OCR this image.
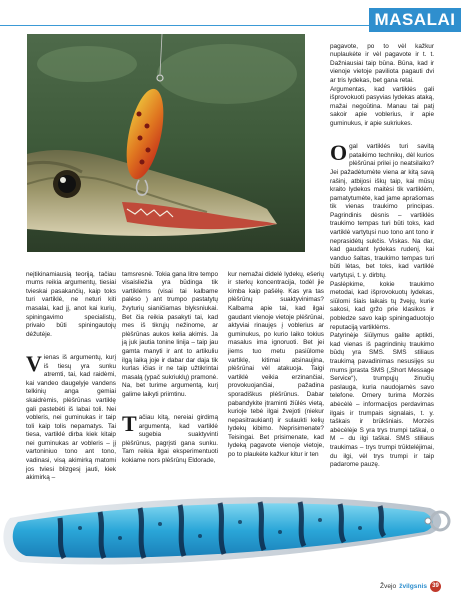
MASALAI

neįtikinamiausią teoriją, tačiau mums reikia argumentų, tiesiai tvieskai pasakančių, kaip toks turi vartiklė, ne neturi kiti masalai, kad jį, anot kai kurių, spiningavimo specialistų, privalo būti spiningautojų dėžutėje.

Vienas iš argumentų, kurį iš tiesų yra sunku atremti, tai, kad raidėmi, kai vandeo daugelyje vandens telkinių anga gemiai skaidrėmis, plėšrūnas vartiklę gali pastebėti iš labai toli. Nei vobleris, nei guminukas ir taip toli kaip tolis nepamatys. Tai tiesa, vartiklė dirba kiek kitaip nei guminukas ar vobleris – jį vartoniniuo tono ant tono, vadinasi, visą akimirką matomi jos tviesi blizgesį jauti, kiek akimirką –

tamsresnė. Tokia gana litre tempo visaisliežia yra būdinga tik vartiklėms (visai tai kalbame palėso ) ant trumpo pastatytų žvyturių sianičiamas blyksniukai. Bet čia reikia pasakyti tai, kad mes iš tikrųjų nežinome, ar plėšrūnas aukos kelia akimis. Ja ją juk jautia tonine linija – taip jau gamta manyti ir ant to artikuliu ilgą laiką joje ir dabar dar daja tik kurlas ičias ir ne taip užtikrintai masalą (ypač sukriuklų) pramonė. Na, bet turime argumentą, kurį galime laikyti priimtinu.

Tačiau kitą, nereiai girdimą argumentą, kad vartiklė sugebia suaktyvinti plėšrūnus, pagrįsti gana sunku. Tam reikia ilgai eksperimentuoti kokiame nors plėšrūnų Eldorade,

kur nemažai didelė lydekų, ešerių ir sterkų koncentracija, todėl jie kimba kaip pašėlę. Kas yra tas plėšrūnų suaktyvinimas? Kalbama apie tai, kad ilgai gaudant vienoje vietoje plėšrūnai, aktyviai rinaujęs į voblerius ar guminukus, po kurio laiko tokius masalus ima ignoruoti. Bet jei jiems tuo metu pasiūlome vartiklę, kitimai atsinaujina, plėšrūnai vėl atakuoja. Taigi vartiklė veikia erzinančiai, provokuojančiai, pažadina sporadiškus plėšrūnus. Dabar pabandykite įtraminti žiūlės vietą, kurioje tebė ilgai žvejoti (niekur nepasitraukiant) ir sulaukti kelių lydekų kibimo. Neprisimenate? Teisingai. Bet prisimenate, kad lydeką pagavote vienoje vietoje, po to plaukėte kažkur kitur ir ten

pagavote, po to vėl kažkur nuplaukėte ir vėl pagavote ir t. t. Dažniausiai taip būna. Būna, kad ir vienoje vietoje paviliota pagauti dvi ar tris lydekas, bet gana retai.
Argumentas, kad vartiklės gali išprovokuoti pasyvias lydekas ataką, mažai negoūtina. Manau tai patį sakoir apie voblerius, ir apie guminukus, ir apie sukriukes.

Ogal vartiklės turi savitą pataikimo technikų, dėl kurios plėšrūnai prilei jo neatsilaiko? Jei pažadėtumėte viena ar kitą savą rašinį, atbijosi iškų taip, kai mūsų kraito lydekos maitėsi tik vartiklėm, pamatytumėte, kad jame aprašomas tik vienas traukimo principas. Pagrindinis dėsnis – vartiklės traukimo tempas turi būti toks, kad vartiklė vartytųsi nuo tono ant tono ir neprasidėtų sukčis. Viskas. Na dar, kad gaudant lydekas rudenį, kai vanduo šaltas, traukimo tempas turi būti lėtas, bet toks, kad vartiklė vartytųsi, t. y. dirbtų.
Paslėpkime, kokie traukimo metodai, kad išprovokuotų lydekas, siūlomi šiais laikais tų žvejų, kurie sakosi, kad gržo prie klasikos ir pobledze savo kaip spiningaduotojo reputaciją vartiklėms.
Patyrinėje šiūlymus galite aptikti, kad vienas iš pagrindinių traukimo būdų yra SMS. SMS stiliaus traukimą pavadinimas nesusijęs su mums įprasta SMS („Short Message Service“), trumpųjų žinučių paslauga, kuria naudojamės savo telefone. Ornery turima Morzės abėcėlė – informacijos perdavimas ilgais ir trumpais signalais, t. y. taškais ir brūkšniais. Morzės abėcėlėje S yra trys trumpi taškai, o M – du ilgi taškai. SMS stiliaus traukimas – trys trumpi trūktelėjimai, du ilgi, vėl trys trumpi ir taip padarome pauzę.

Žvejo žvilgsnis 39
